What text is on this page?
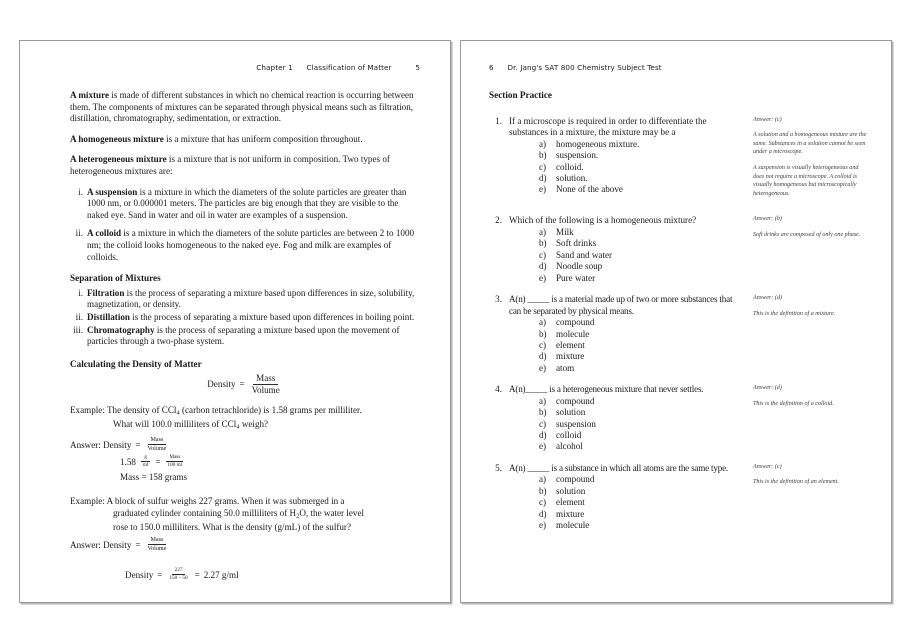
Chapter 1 Classification of Matter	5

A mixture is made of different substances in which no chemical reaction is occurring between them. The components of mixtures can be separated through physical means such as filtration, distillation, chromatography, sedimentation, or extraction.

A homogeneous mixture is a mixture that has uniform composition throughout.

A heterogeneous mixture is a mixture that is not uniform in composition. Two types of heterogeneous mixtures are:

i. A suspension is a mixture in which the diameters of the solute particles are greater than 1000 nm, or 0.000001 meters. The particles are big enough that they are visible to the naked eye. Sand in water and oil in water are examples of a suspension.
ii. A colloid is a mixture in which the diameters of the solute particles are between 2 to 1000 nm; the colloid looks homogeneous to the naked eye. Fog and milk are examples of colloids.
Separation of Mixtures
i. Filtration is the process of separating a mixture based upon differences in size, solubility, magnetization, or density.
ii. Distillation is the process of separating a mixture based upon differences in boiling point.
iii. Chromatography is the process of separating a mixture based upon the movement of particles through a two-phase system.
Calculating the Density of Matter
Density = $\frac{\text{Mass}}{\text{Volume}}$
Example: The density of CCl$_4$ (carbon tetrachloride) is 1.58 grams per milliliter.
What will 100.0 milliliters of CCl$_4$ weigh?
Answer: Density = $\frac{\text{Mass}}{\text{Volume}}$
$1.58 \frac{g}{ml} = \frac{\text{Mass}}{100 ml}$
Mass = 158 grams
Example: A block of sulfur weighs 227 grams. When it was submerged in a
graduated cylinder containing 50.0 milliliters of $H_2O$, the water level
rose to 150.0 milliliters. What is the density (g/mL) of the sulfur?
Answer: Density = $\frac{\text{Mass}}{\text{Volume}}$
Density = $\frac{227}{150 - 50} = 2.27$ g/ml
6 Dr. Jang's SAT 800 Chemistry Subject Test
Section Practice
1. If a microscope is required in order to differentiate the substances in a mixture, the mixture may be a
a)	homogeneous mixture.
b)	suspension.
c)	colloid.
d)	solution.
e)	None of the above

Answer: (c)

A solution and a homogeneous mixture are the same. Substances in a solution cannot be seen under a microscope.

A suspension is visually heterogeneous and does not require a microscope. A colloid is visually homogeneous but microscopically heterogeneous.

2. Which of the following is a homogeneous mixture?
a)	Milk
b)	Soft drinks
c)	Sand and water
d)	Noodle soup
e)	Pure water

Answer: (b)

Soft drinks are composed of only one phase.

3. A(n) _____ is a material made up of two or more substances that can be separated by physical means.
a)	compound
b)	molecule
c)	element
d)	mixture
e)	atom

Answer: (d)

This is the definition of a mixture.

4. A(n)_____ is a heterogeneous mixture that never settles.
a)	compound
b)	solution
c)	suspension
d)	colloid
e)	alcohol

Answer: (d)

This is the definition of a colloid.

5. A(n) _____ is a substance in which all atoms are the same type.
a)	compound
b)	solution
c)	element
d)	mixture
e)	molecule

Answer: (c)

This is the definition of an element.
